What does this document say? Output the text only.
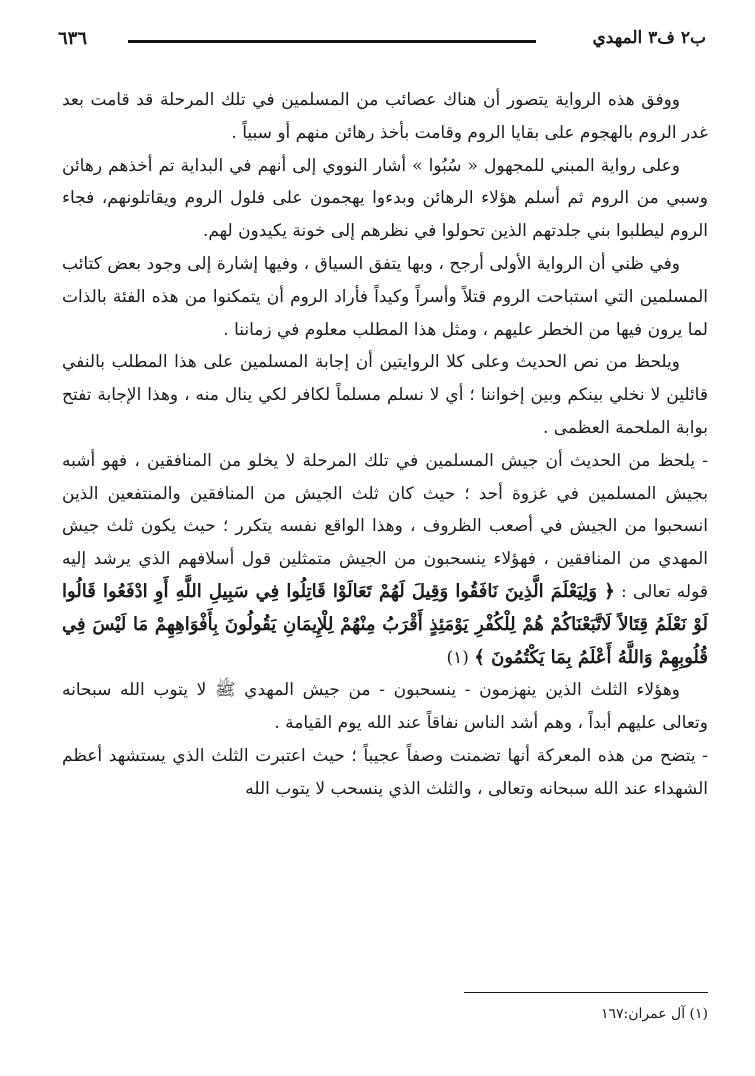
ب٢ ف٣ المهدي
٦٣٦

ووفق هذه الرواية يتصور أن هناك عصائب من المسلمين في تلك المرحلة قد قامت بعد غدر الروم بالهجوم على بقايا الروم وقامت بأخذ رهائن منهم أو سبياً .

وعلى رواية المبني للمجهول « سُبُوا » أشار النووي إلى أنهم في البداية تم أخذهم رهائن وسبي من الروم ثم أسلم هؤلاء الرهائن وبدءوا يهجمون على فلول الروم ويقاتلونهم، فجاء الروم ليطلبوا بني جلدتهم الذين تحولوا في نظرهم إلى خونة يكيدون لهم.

وفي ظني أن الرواية الأولى أرجح ، وبها يتفق السياق ، وفيها إشارة إلى وجود بعض كتائب المسلمين التي استباحت الروم قتلاً وأسراً وكيداً فأراد الروم أن يتمكنوا من هذه الفئة بالذات لما يرون فيها من الخطر عليهم ، ومثل هذا المطلب معلوم في زماننا .

ويلحظ من نص الحديث وعلى كلا الروايتين أن إجابة المسلمين على هذا المطلب بالنفي قائلين لا نخلي بينكم وبين إخواننا ؛ أي لا نسلم مسلماً لكافر لكي ينال منه ، وهذا الإجابة تفتح بوابة الملحمة العظمى .

- يلحظ من الحديث أن جيش المسلمين في تلك المرحلة لا يخلو من المنافقين ، فهو أشبه بجيش المسلمين في غزوة أحد ؛ حيث كان ثلث الجيش من المنافقين والمنتفعين الذين انسحبوا من الجيش في أصعب الظروف ، وهذا الواقع نفسه يتكرر ؛ حيث يكون ثلث جيش المهدي من المنافقين ، فهؤلاء ينسحبون من الجيش متمثلين قول أسلافهم الذي يرشد إليه قوله تعالى : ﴿ وَلِيَعْلَمَ الَّذِينَ نَافَقُوا وَقِيلَ لَهُمْ تَعَالَوْا قَاتِلُوا فِي سَبِيلِ اللَّهِ أَوِ ادْفَعُوا قَالُوا لَوْ نَعْلَمُ قِتَالاً لَاتَّبَعْنَاكُمْ هُمْ لِلْكُفْرِ يَوْمَئِذٍ أَقْرَبُ مِنْهُمْ لِلْإِيمَانِ يَقُولُونَ بِأَفْوَاهِهِمْ مَا لَيْسَ فِي قُلُوبِهِمْ وَاللَّهُ أَعْلَمُ بِمَا يَكْتُمُونَ ﴾ (١)

وهؤلاء الثلث الذين ينهزمون - ينسحبون - من جيش المهدي ﷺ لا يتوب الله سبحانه وتعالى عليهم أبداً ، وهم أشد الناس نفاقاً عند الله يوم القيامة .

- يتضح من هذه المعركة أنها تضمنت وصفاً عجيباً ؛ حيث اعتبرت الثلث الذي يستشهد أعظم الشهداء عند الله سبحانه وتعالى ، والثلث الذي ينسحب لا يتوب الله

(١) آل عمران:١٦٧
